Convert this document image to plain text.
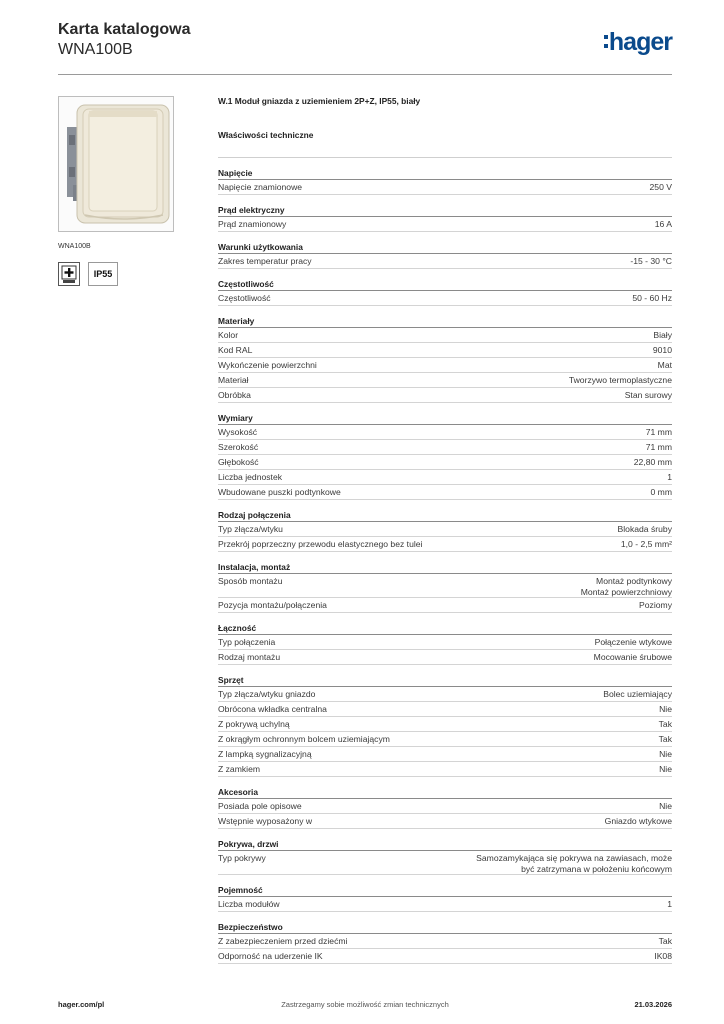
Karta katalogowa
WNA100B	hager
WNA100B
IP55
W.1 Moduł gniazda z uziemieniem 2P+Z, IP55, biały
Właściwości techniczne
Napięcie
Napięcie znamionowe	250 V
Prąd elektryczny
Prąd znamionowy	16 A
Warunki użytkowania
Zakres temperatur pracy	-15 - 30 °C
Częstotliwość
Częstotliwość	50 - 60 Hz
Materiały
Kolor	Biały
Kod RAL	9010
Wykończenie powierzchni	Mat
Materiał	Tworzywo termoplastyczne
Obróbka	Stan surowy
Wymiary
Wysokość	71 mm
Szerokość	71 mm
Głębokość	22,80 mm
Liczba jednostek	1
Wbudowane puszki podtynkowe	0 mm
Rodzaj połączenia
Typ złącza/wtyku	Blokada śruby
Przekrój poprzeczny przewodu elastycznego bez tulei	1,0 - 2,5 mm²
Instalacja, montaż
Sposób montażu	Montaż podtynkowy
Montaż powierzchniowy
Pozycja montażu/połączenia	Poziomy
Łączność
Typ połączenia	Połączenie wtykowe
Rodzaj montażu	Mocowanie śrubowe
Sprzęt
Typ złącza/wtyku gniazdo	Bolec uziemiający
Obrócona wkładka centralna	Nie
Z pokrywą uchylną	Tak
Z okrągłym ochronnym bolcem uziemiającym	Tak
Z lampką sygnalizacyjną	Nie
Z zamkiem	Nie
Akcesoria
Posiada pole opisowe	Nie
Wstępnie wyposażony w	Gniazdo wtykowe
Pokrywa, drzwi
Typ pokrywy	Samozamykająca się pokrywa na zawiasach, może
być zatrzymana w położeniu końcowym
Pojemność
Liczba modułów	1
Bezpieczeństwo
Z zabezpieczeniem przed dziećmi	Tak
Odporność na uderzenie IK	IK08
hager.com/pl	Zastrzegamy sobie możliwość zmian technicznych	21.03.2026
